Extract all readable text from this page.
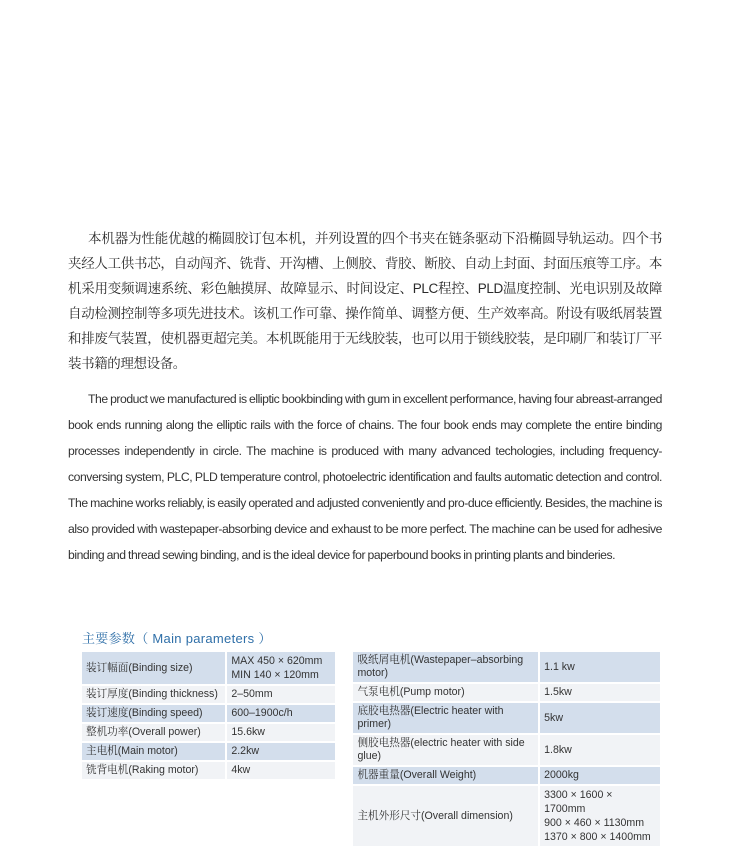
本机器为性能优越的椭圆胶订包本机，并列设置的四个书夹在链条驱动下沿椭圆导轨运动。四个书夹经人工供书芯，自动闯齐、铣背、开沟槽、上侧胶、背胶、断胶、自动上封面、封面压痕等工序。本机采用变频调速系统、彩色触摸屏、故障显示、时间设定、PLC程控、PLD温度控制、光电识别及故障自动检测控制等多项先进技术。该机工作可靠、操作简单、调整方便、生产效率高。附设有吸纸屑装置和排废气装置，使机器更超完美。本机既能用于无线胶装，也可以用于锁线胶装，是印刷厂和装订厂平装书籍的理想设备。

The product we manufactured is elliptic bookbinding with gum in excellent performance, having four abreast-arranged book ends running along the elliptic rails with the force of chains. The four book ends may complete the entire binding processes independently in circle. The machine is produced with many advanced techologies, including frequency-conversing system, PLC, PLD temperature control, photoelectric identification and faults automatic detection and control. The machine works reliably, is easily operated and adjusted conveniently and pro-duce efficiently. Besides, the machine is also provided with wastepaper-absorbing device and exhaust to be more perfect. The machine can be used for adhesive binding and thread sewing binding, and is the ideal device for paperbound books in printing plants and binderies.

主要参数（ Main parameters ）
装订幅面(Binding size)	MAX 450 × 620mm
MIN 140 × 120mm

装订厚度(Binding thickness)	2–50mm

装订速度(Binding speed)	600–1900c/h

整机功率(Overall power)	15.6kw

主电机(Main motor)	2.2kw

铣背电机(Raking motor)	4kw
吸纸屑电机(Wastepaper–absorbing motor)	1.1 kw

气泵电机(Pump motor)	1.5kw

底胶电热器(Electric heater with primer)	5kw

侧胶电热器(electric heater with side glue)	1.8kw

机器重量(Overall Weight)	2000kg

主机外形尺寸(Overall dimension)	3300 × 1600 × 1700mm
900 × 460 × 1130mm
1370 × 800 × 1400mm
